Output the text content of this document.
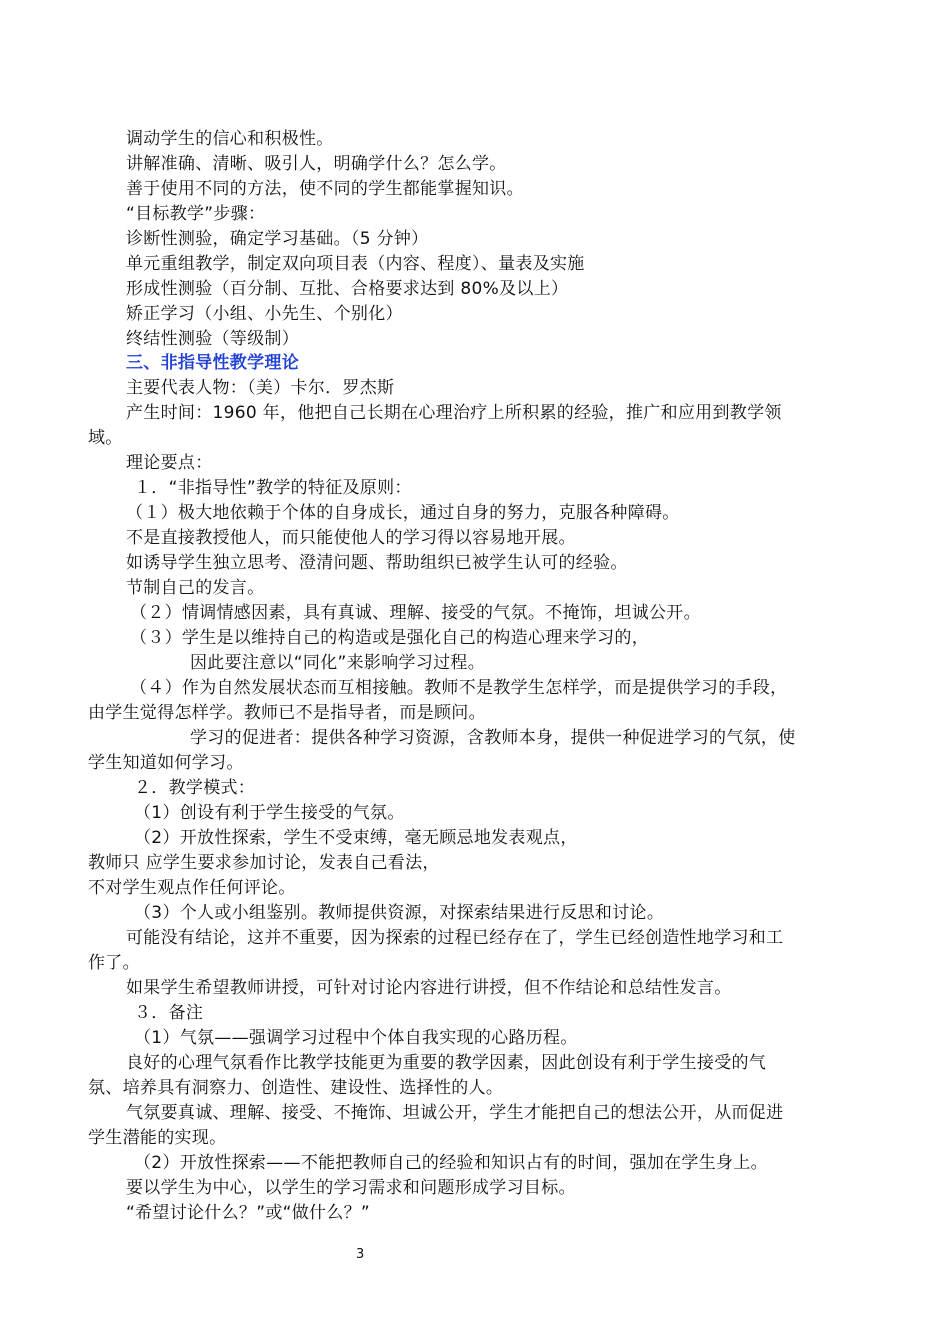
调动学生的信心和积极性。
讲解准确、清晰、吸引人，明确学什么？怎么学。
善于使用不同的方法，使不同的学生都能掌握知识。
“目标教学”步骤：
诊断性测验，确定学习基础。（5 分钟）
单元重组教学，制定双向项目表（内容、程度）、量表及实施
形成性测验（百分制、互批、合格要求达到 80%及以上）
矫正学习（小组、小先生、个别化）
终结性测验（等级制）
三、非指导性教学理论
主要代表人物：（美）卡尔．罗杰斯
产生时间：1960 年，他把自己长期在心理治疗上所积累的经验，推广和应用到教学领
域。
理论要点：
１．“非指导性”教学的特征及原则：
（１）极大地依赖于个体的自身成长，通过自身的努力，克服各种障碍。
不是直接教授他人，而只能使他人的学习得以容易地开展。
如诱导学生独立思考、澄清问题、帮助组织已被学生认可的经验。
节制自己的发言。
（２）情调情感因素，具有真诚、理解、接受的气氛。不掩饰，坦诚公开。
（３）学生是以维持自己的构造或是强化自己的构造心理来学习的，
因此要注意以“同化”来影响学习过程。
（４）作为自然发展状态而互相接触。教师不是教学生怎样学，而是提供学习的手段，
由学生觉得怎样学。教师已不是指导者，而是顾问。
学习的促进者：提供各种学习资源，含教师本身，提供一种促进学习的气氛，使
学生知道如何学习。
２．教学模式：
（1）创设有利于学生接受的气氛。
（2）开放性探索，学生不受束缚，毫无顾忌地发表观点，
教师只 应学生要求参加讨论，发表自己看法，
不对学生观点作任何评论。
（3）个人或小组鉴别。教师提供资源，对探索结果进行反思和讨论。
可能没有结论，这并不重要，因为探索的过程已经存在了，学生已经创造性地学习和工
作了。
如果学生希望教师讲授，可针对讨论内容进行讲授，但不作结论和总结性发言。
３．备注
（1）气氛——强调学习过程中个体自我实现的心路历程。
良好的心理气氛看作比教学技能更为重要的教学因素，因此创设有利于学生接受的气
氛、培养具有洞察力、创造性、建设性、选择性的人。
气氛要真诚、理解、接受、不掩饰、坦诚公开，学生才能把自己的想法公开，从而促进
学生潜能的实现。
（2）开放性探索——不能把教师自己的经验和知识占有的时间，强加在学生身上。
要以学生为中心，以学生的学习需求和问题形成学习目标。
“希望讨论什么？”或“做什么？”
3
